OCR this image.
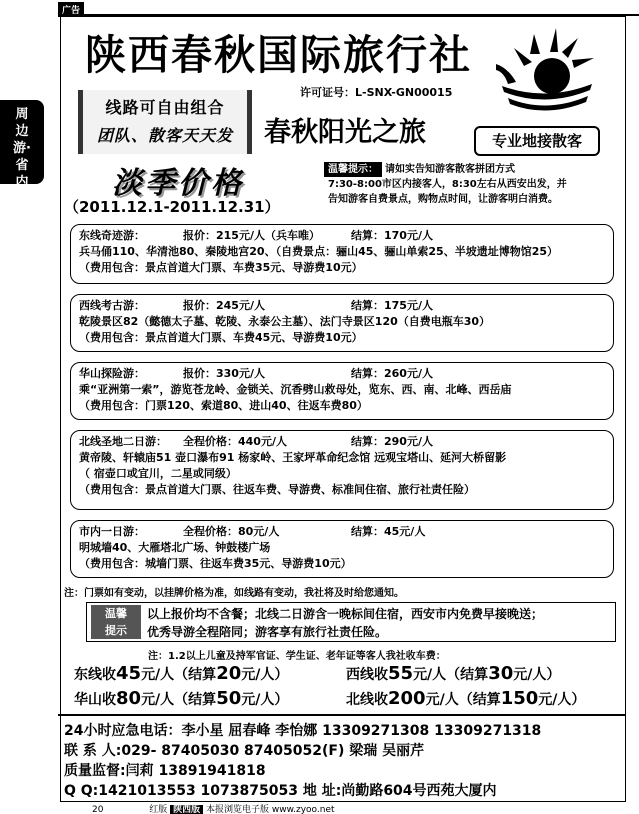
广告
周
边
游·
省
内
陕西春秋国际旅行社
许可证号：L-SNX-GN00015
线路可自由组合
团队、散客天天发	春秋阳光之旅	专业地接散客
淡季价格
（2011.12.1-2011.12.31）
温馨提示： 请如实告知游客散客拼团方式
7:30-8:00市区内接客人，8:30左右从西安出发，并
告知游客自费景点，购物点时间，让游客明白消费。
东线奇迹游：	报价：215元/人（兵车唯）	结算：170元/人
兵马俑110、华清池80、秦陵地宫20、（自费景点：骊山45、骊山单索25、半坡遗址博物馆25）
（费用包含：景点首道大门票、车费35元、导游费10元）
西线考古游：	报价：245元/人	结算：175元/人
乾陵景区82（懿德太子墓、乾陵、永泰公主墓）、法门寺景区120（自费电瓶车30）
（费用包含：景点首道大门票、车费45元、导游费10元）
华山探险游：	报价：330元/人	结算：260元/人
乘“亚洲第一索”，游览苍龙岭、金锁关、沉香劈山救母处，览东、西、南、北峰、西岳庙
（费用包含：门票120、索道80、进山40、往返车费80）
北线圣地二日游： 全程价格：440元/人	结算：290元/人
黄帝陵、轩辕庙51 壶口瀑布91 杨家岭、王家坪革命纪念馆 远观宝塔山、延河大桥留影
（ 宿壶口或宜川，二星或同级）
（费用包含：景点首道大门票、往返车费、导游费、标准间住宿、旅行社责任险）
市内一日游：	全程价格：80元/人	结算：45元/人
明城墙40、大雁塔北广场、钟鼓楼广场
（费用包含：城墙门票、往返车费35元、导游费10元）
注：门票如有变动，以挂牌价格为准，如线路有变动，我社将及时给您通知。
温馨
提示
以上报价均不含餐；北线二日游含一晚标间住宿，西安市内免费早接晚送；
优秀导游全程陪同；游客享有旅行社责任险。
注：1.2以上儿童及持军官证、学生证、老年证等客人我社收车费：
东线收45元/人（结算20元/人）	西线收55元/人（结算30元/人）
华山收80元/人（结算50元/人）	北线收200元/人（结算150元/人）
24小时应急电话：李小星 屈春峰 李怡娜 13309271308 13309271318
联 系 人:029- 87405030 87405052(F) 梁瑞 吴丽芹
质量监督:闫莉 13891941818
Q Q:1421013553 1073875053 地 址:尚勤路604号西苑大厦内
20	红版 陕西版 本报浏览电子版 www.zyoo.net
